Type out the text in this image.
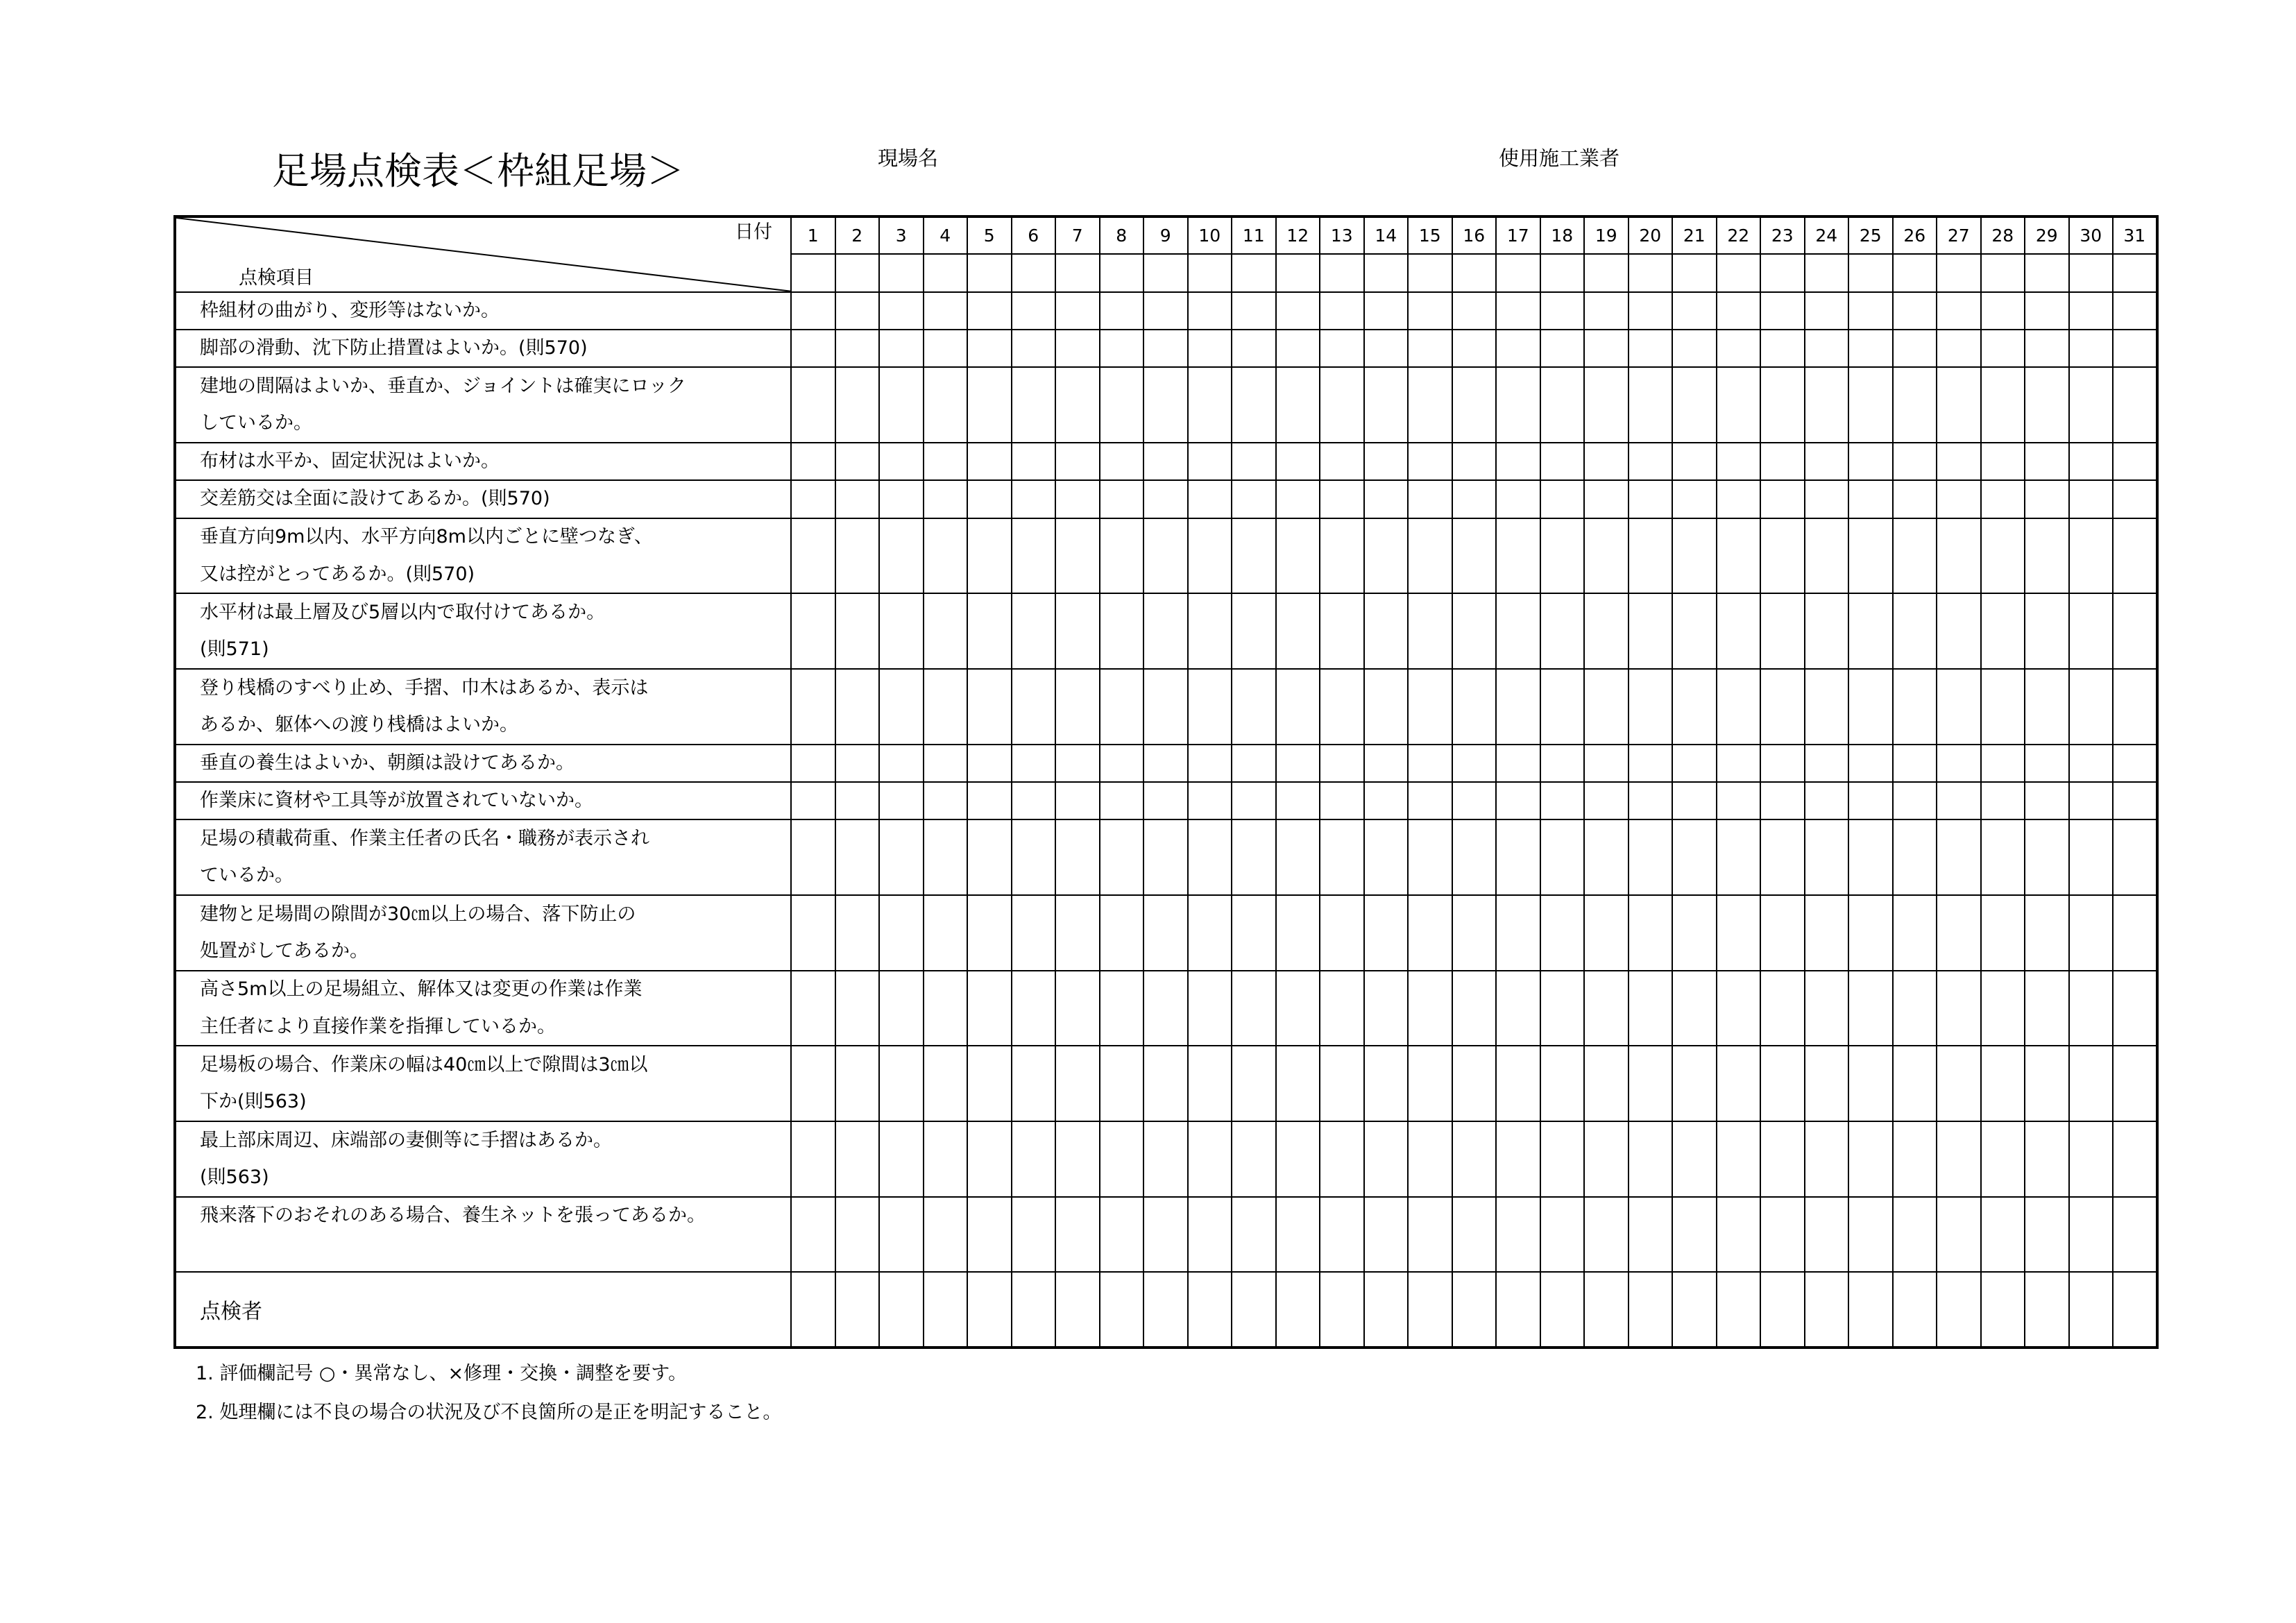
足場点検表＜枠組足場＞	現場名	使用施工業者
日付
点検項目	1	2	3	4	5	6	7	8	9	10	11	12	13	14	15	16	17	18	19	20	21	22	23	24	25	26	27	28	29	30	31

枠組材の曲がり、変形等はないか。																															
脚部の滑動、沈下防止措置はよいか。(則570)																															
建地の間隔はよいか、垂直か、ジョイントは確実にロック																															
しているか。																															
布材は水平か、固定状況はよいか。																															
交差筋交は全面に設けてあるか。(則570)																															
垂直方向9m以内、水平方向8m以内ごとに壁つなぎ、																															
又は控がとってあるか。(則570)																															
水平材は最上層及び5層以内で取付けてあるか。																															
(則571)																															
登り桟橋のすべり止め、手摺、巾木はあるか、表示は																															
あるか、躯体への渡り桟橋はよいか。																															
垂直の養生はよいか、朝顔は設けてあるか。																															
作業床に資材や工具等が放置されていないか。																															
足場の積載荷重、作業主任者の氏名・職務が表示され																															
ているか。																															
建物と足場間の隙間が30㎝以上の場合、落下防止の																															
処置がしてあるか。																															
高さ5m以上の足場組立、解体又は変更の作業は作業																															
主任者により直接作業を指揮しているか。																															
足場板の場合、作業床の幅は40㎝以上で隙間は3㎝以																															
下か(則563)																															
最上部床周辺、床端部の妻側等に手摺はあるか。																															
(則563)																															
飛来落下のおそれのある場合、養生ネットを張ってあるか。																															

点検者																															
1. 評価欄記号 ○・異常なし、×修理・交換・調整を要す。
2. 処理欄には不良の場合の状況及び不良箇所の是正を明記すること。
